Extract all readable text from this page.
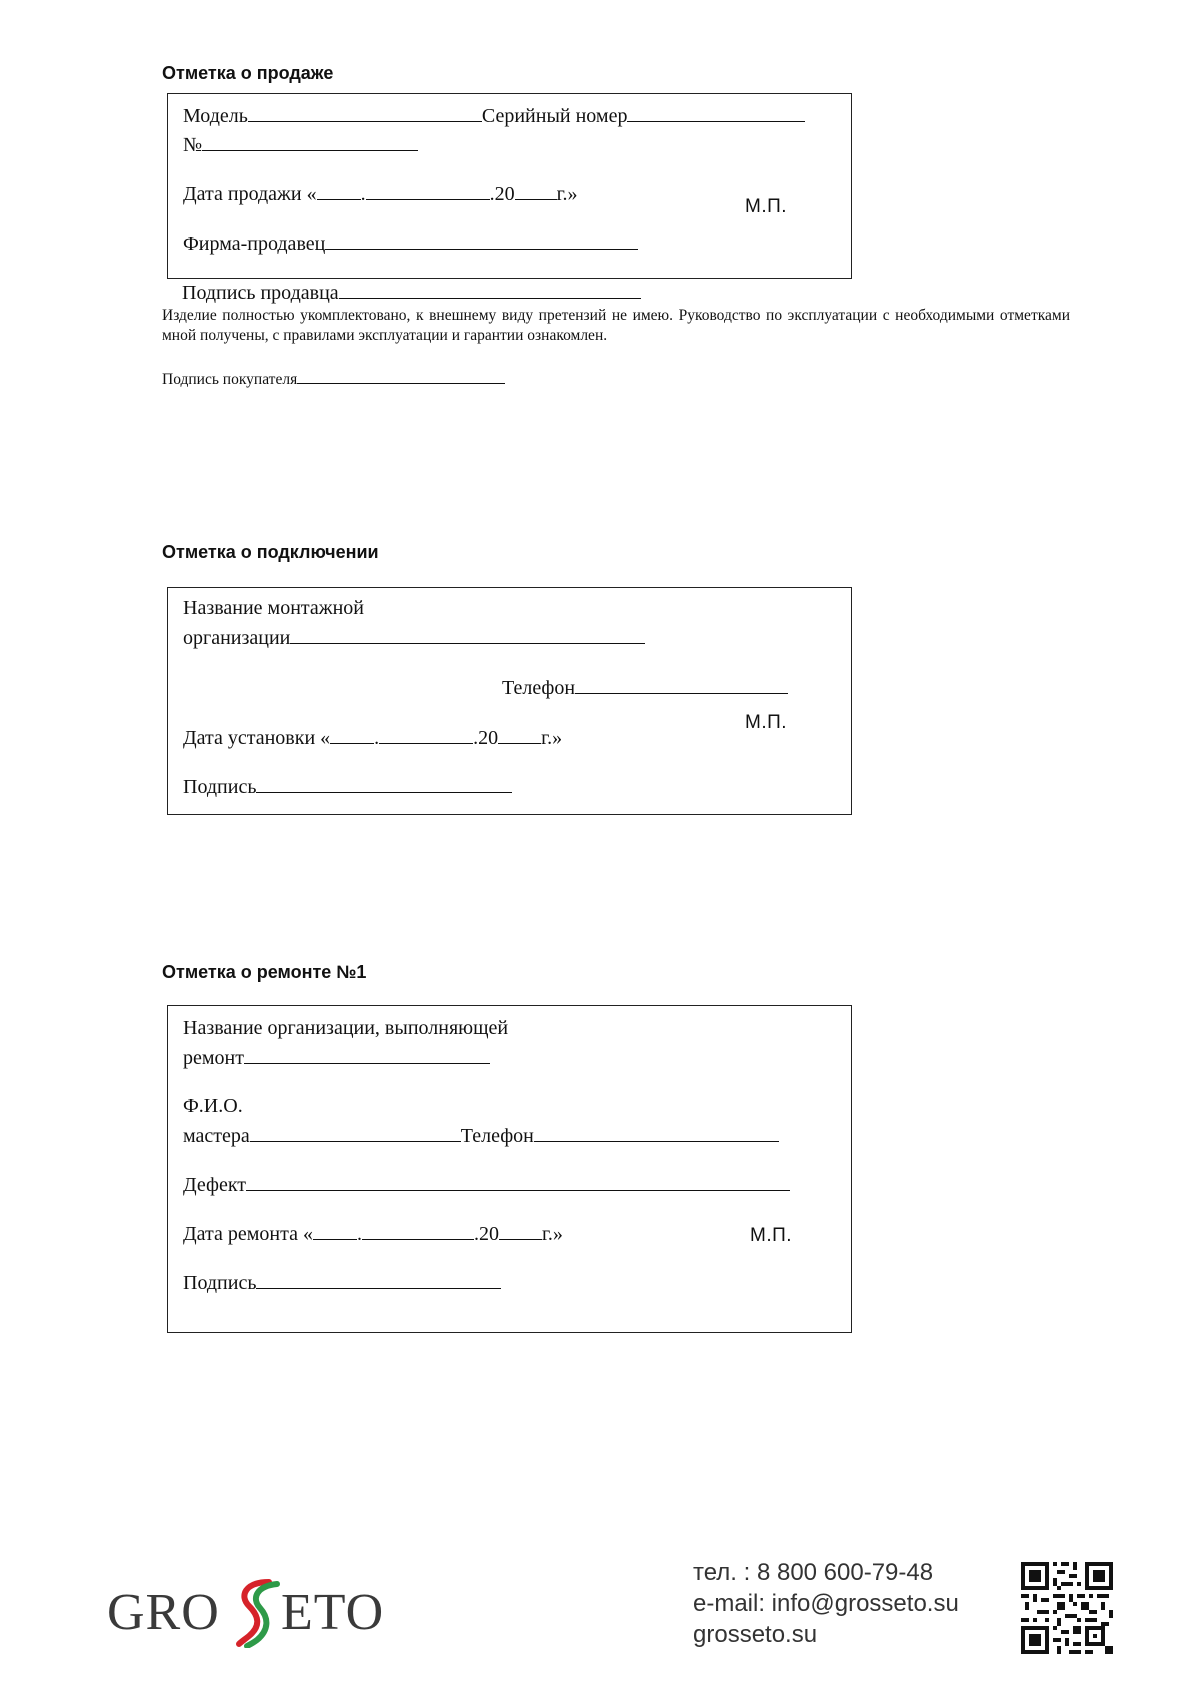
Отметка о продаже
Модель	Серийный номер
№
Дата продажи « .	.20 г.»
М.П.
Фирма-продавец
Подпись продавца
Изделие полностью укомплектовано, к внешнему виду претензий не имею. Руководство по эксплуатации с необходимыми отметками мной получены, с правилами эксплуатации и гарантии ознакомлен.
Подпись покупателя
Отметка о подключении
Название монтажной
организации
Телефон
М.П.
Дата установки « .	.20 г.»
Подпись
Отметка о ремонте №1
Название организации, выполняющей
ремонт
Ф.И.О.
мастера	Телефон
Дефект
Дата ремонта « .	.20 г.»	М.П.
Подпись
GRO ETO
тел. : 8 800 600-79-48
e-mail: info@grosseto.su
grosseto.su
